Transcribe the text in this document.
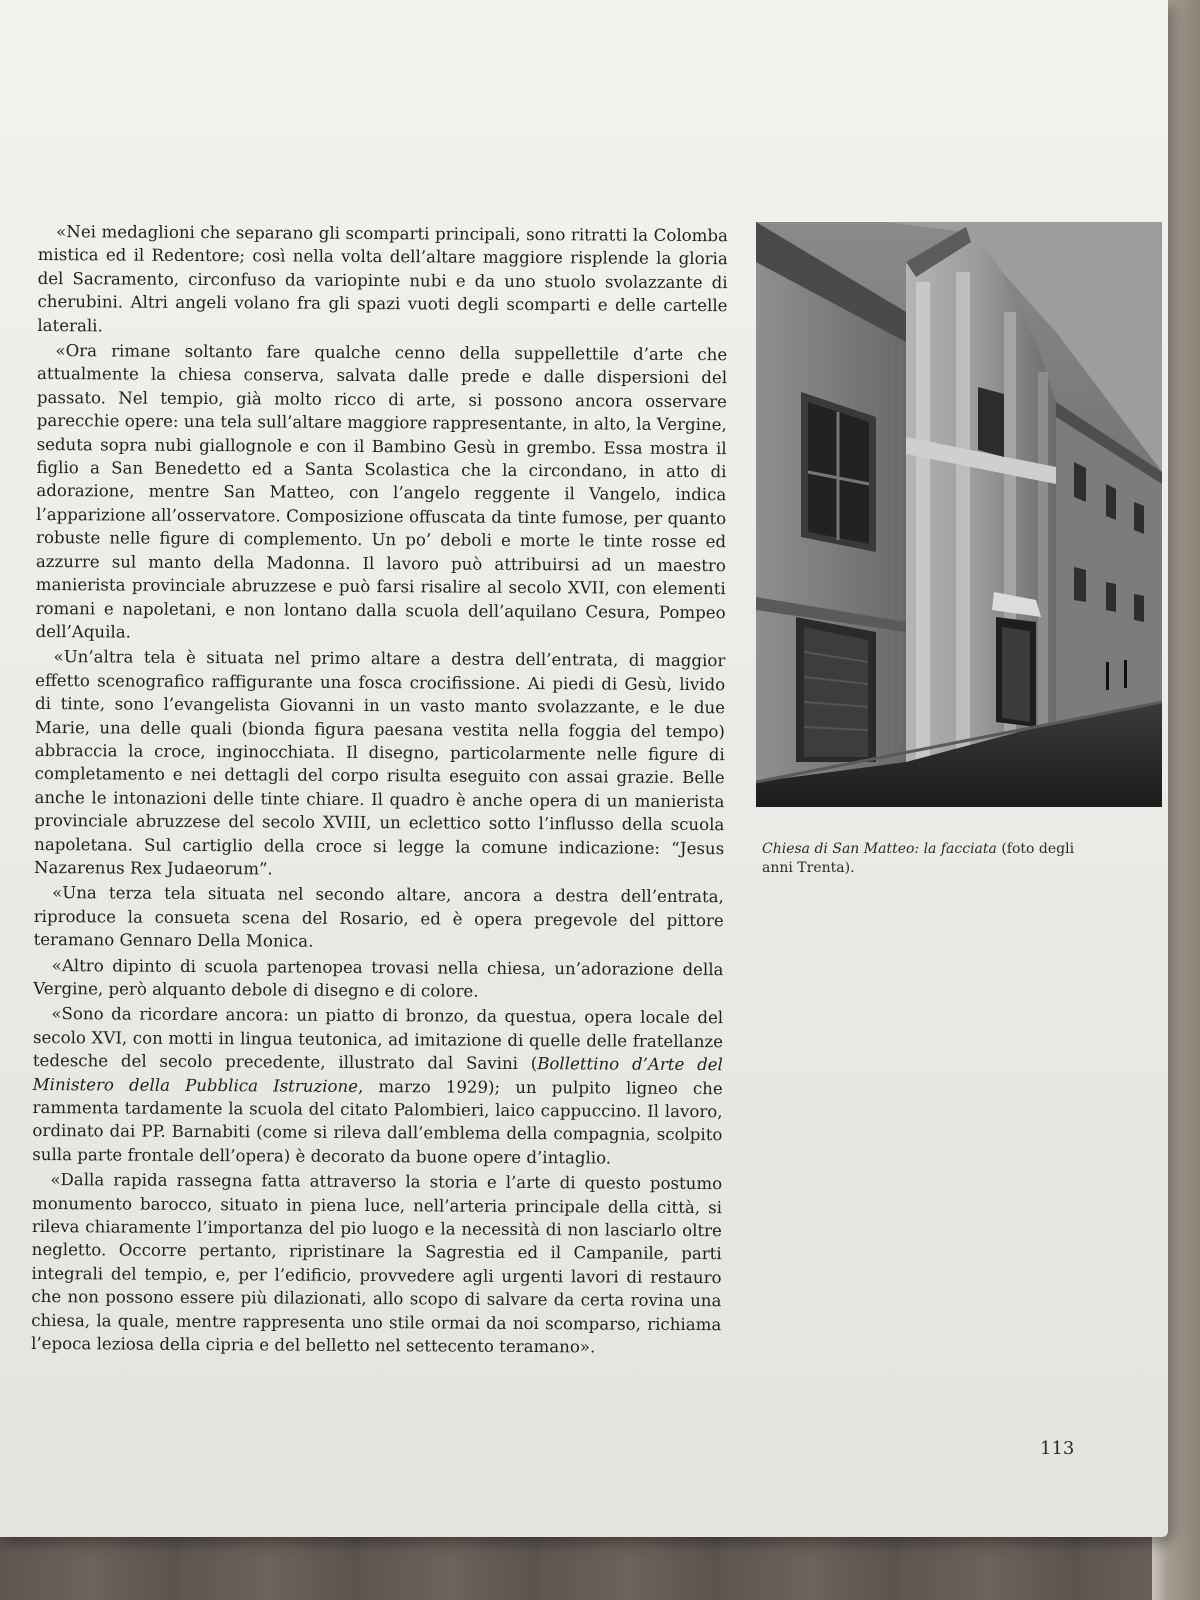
«Nei medaglioni che separano gli scomparti principali, sono ritratti la Colomba mistica ed il Redentore; così nella volta dell’altare maggiore risplende la gloria del Sacramento, circonfuso da variopinte nubi e da uno stuolo svolazzante di cherubini. Altri angeli volano fra gli spazi vuoti degli scomparti e delle cartelle laterali.

«Ora rimane soltanto fare qualche cenno della suppellettile d’arte che attualmente la chiesa conserva, salvata dalle prede e dalle dispersioni del passato. Nel tempio, già molto ricco di arte, si possono ancora osservare parecchie opere: una tela sull’altare maggiore rappresentante, in alto, la Vergine, seduta sopra nubi giallognole e con il Bambino Gesù in grembo. Essa mostra il figlio a San Benedetto ed a Santa Scolastica che la circondano, in atto di adorazione, mentre San Matteo, con l’angelo reggente il Vangelo, indica l’apparizione all’osservatore. Composizione offuscata da tinte fumose, per quanto robuste nelle figure di complemento. Un po’ deboli e morte le tinte rosse ed azzurre sul manto della Madonna. Il lavoro può attribuirsi ad un maestro manierista provinciale abruzzese e può farsi risalire al secolo XVII, con elementi romani e napoletani, e non lontano dalla scuola dell’aquilano Cesura, Pompeo dell’Aquila.

«Un’altra tela è situata nel primo altare a destra dell’entrata, di maggior effetto scenografico raffigurante una fosca crocifissione. Ai piedi di Gesù, livido di tinte, sono l’evangelista Giovanni in un vasto manto svolazzante, e le due Marie, una delle quali (bionda figura paesana vestita nella foggia del tempo) abbraccia la croce, inginocchiata. Il disegno, particolarmente nelle figure di completamento e nei dettagli del corpo risulta eseguito con assai grazie. Belle anche le intonazioni delle tinte chiare. Il quadro è anche opera di un manierista provinciale abruzzese del secolo XVIII, un eclettico sotto l’influsso della scuola napoletana. Sul cartiglio della croce si legge la comune indicazione: “Jesus Nazarenus Rex Judaeorum”.

«Una terza tela situata nel secondo altare, ancora a destra dell’entrata, riproduce la consueta scena del Rosario, ed è opera pregevole del pittore teramano Gennaro Della Monica.

«Altro dipinto di scuola partenopea trovasi nella chiesa, un’adorazione della Vergine, però alquanto debole di disegno e di colore.

«Sono da ricordare ancora: un piatto di bronzo, da questua, opera locale del secolo XVI, con motti in lingua teutonica, ad imitazione di quelle delle fratellanze tedesche del secolo precedente, illustrato dal Savini (Bollettino d’Arte del Ministero della Pubblica Istruzione, marzo 1929); un pulpito ligneo che rammenta tardamente la scuola del citato Palombieri, laico cappuccino. Il lavoro, ordinato dai PP. Barnabiti (come si rileva dall’emblema della compagnia, scolpito sulla parte frontale dell’opera) è decorato da buone opere d’intaglio.

«Dalla rapida rassegna fatta attraverso la storia e l’arte di questo postumo monumento barocco, situato in piena luce, nell’arteria principale della città, si rileva chiaramente l’importanza del pio luogo e la necessità di non lasciarlo oltre negletto. Occorre pertanto, ripristinare la Sagrestia ed il Campanile, parti integrali del tempio, e, per l’edificio, provvedere agli urgenti lavori di restauro che non possono essere più dilazionati, allo scopo di salvare da certa rovina una chiesa, la quale, mentre rappresenta uno stile ormai da noi scomparso, richiama l’epoca leziosa della cipria e del belletto nel settecento teramano».

Chiesa di San Matteo: la facciata (foto degli anni Trenta).
113
